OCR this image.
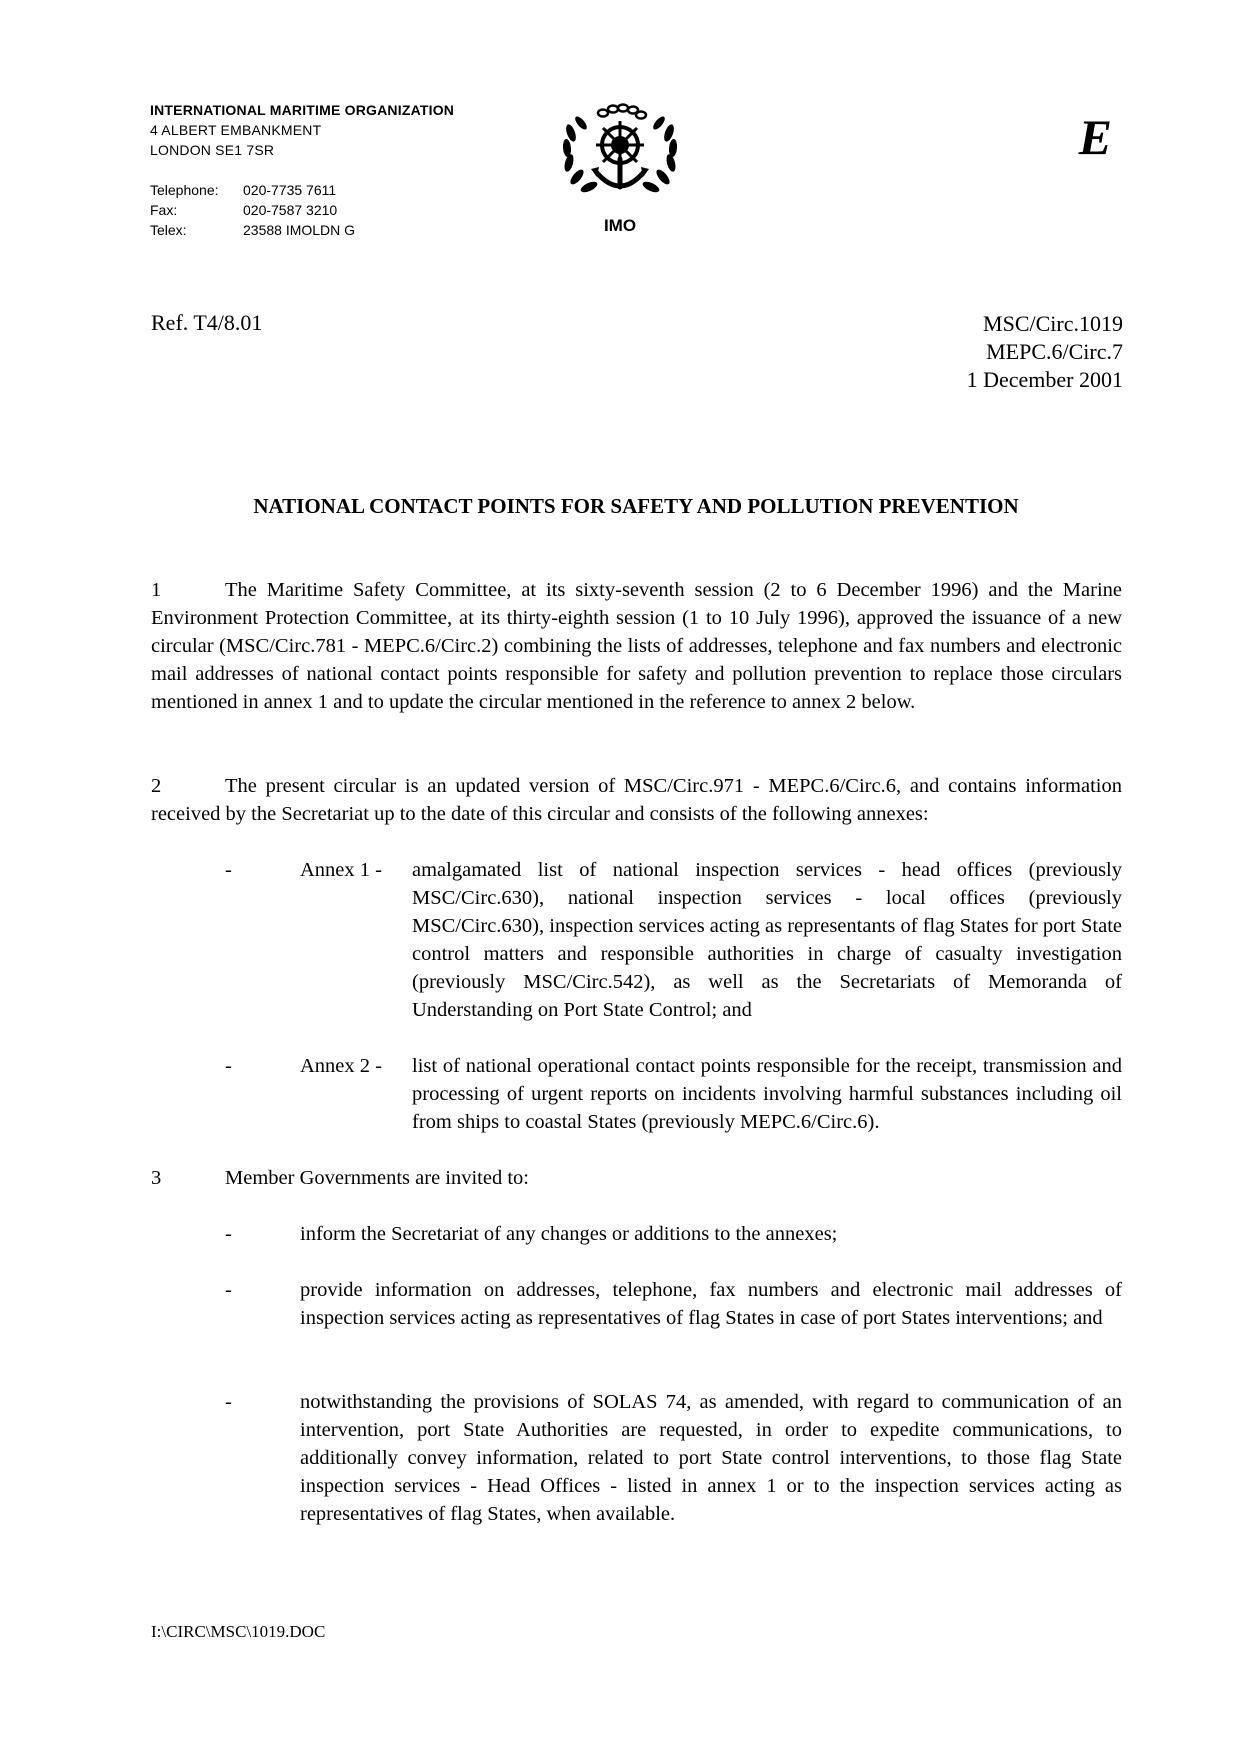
INTERNATIONAL MARITIME ORGANIZATION
4 ALBERT EMBANKMENT
LONDON SE1 7SR
Telephone:	020-7735 7611
Fax:	020-7587 3210
Telex:	23588 IMOLDN G	IMO
E
Ref. T4/8.01	MSC/Circ.1019
MEPC.6/Circ.7
1 December 2001
NATIONAL CONTACT POINTS FOR SAFETY AND POLLUTION PREVENTION
1	The Maritime Safety Committee, at its sixty-seventh session (2 to 6 December 1996) and the Marine Environment Protection Committee, at its thirty-eighth session (1 to 10 July 1996), approved the issuance of a new circular (MSC/Circ.781 - MEPC.6/Circ.2) combining the lists of addresses, telephone and fax numbers and electronic mail addresses of national contact points responsible for safety and pollution prevention to replace those circulars mentioned in annex 1 and to update the circular mentioned in the reference to annex 2 below.
2	The present circular is an updated version of MSC/Circ.971 - MEPC.6/Circ.6, and contains information received by the Secretariat up to the date of this circular and consists of the following annexes:
-	Annex 1 - amalgamated list of national inspection services - head offices (previously MSC/Circ.630), national inspection services - local offices (previously MSC/Circ.630), inspection services acting as representants of flag States for port State control matters and responsible authorities in charge of casualty investigation (previously MSC/Circ.542), as well as the Secretariats of Memoranda of Understanding on Port State Control; and
-	Annex 2 - list of national operational contact points responsible for the receipt, transmission and processing of urgent reports on incidents involving harmful substances including oil from ships to coastal States (previously MEPC.6/Circ.6).
3	Member Governments are invited to:
-	inform the Secretariat of any changes or additions to the annexes;
-	provide information on addresses, telephone, fax numbers and electronic mail addresses of inspection services acting as representatives of flag States in case of port States interventions; and
-	notwithstanding the provisions of SOLAS 74, as amended, with regard to communication of an intervention, port State Authorities are requested, in order to expedite communications, to additionally convey information, related to port State control interventions, to those flag State inspection services - Head Offices - listed in annex 1 or to the inspection services acting as representatives of flag States, when available.
I:\CIRC\MSC\1019.DOC
